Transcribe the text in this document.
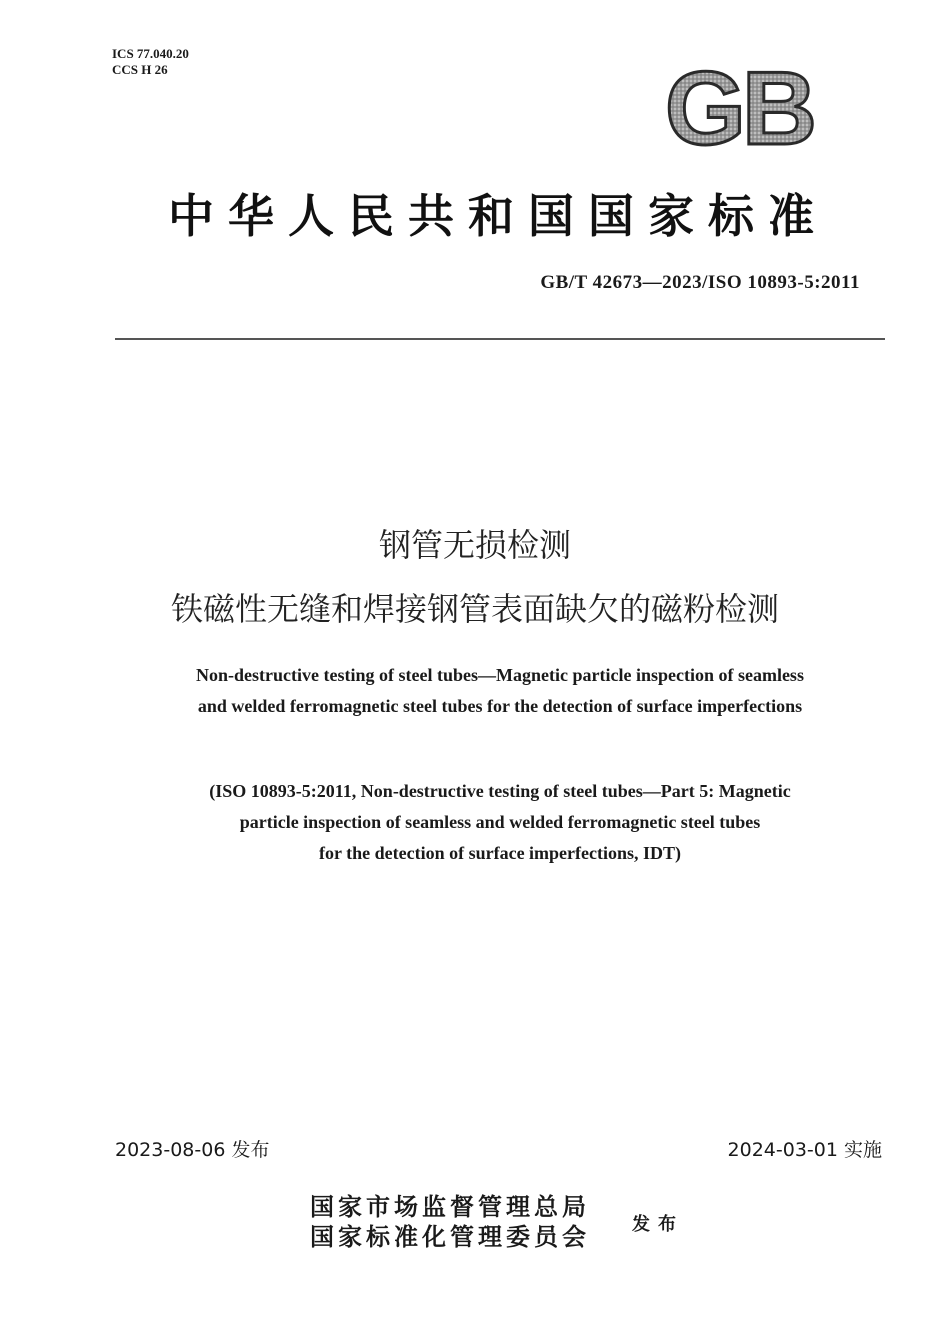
ICS 77.040.20
CCS H 26	GB
中华人民共和国国家标准
GB/T 42673—2023/ISO 10893-5:2011
钢管无损检测
铁磁性无缝和焊接钢管表面缺欠的磁粉检测
Non-destructive testing of steel tubes—Magnetic particle inspection of seamless
and welded ferromagnetic steel tubes for the detection of surface imperfections
(ISO 10893-5:2011, Non-destructive testing of steel tubes—Part 5: Magnetic
particle inspection of seamless and welded ferromagnetic steel tubes
for the detection of surface imperfections, IDT)
2023-08-06 发布	2024-03-01 实施
国家市场监督管理总局
国家标准化管理委员会 发布
